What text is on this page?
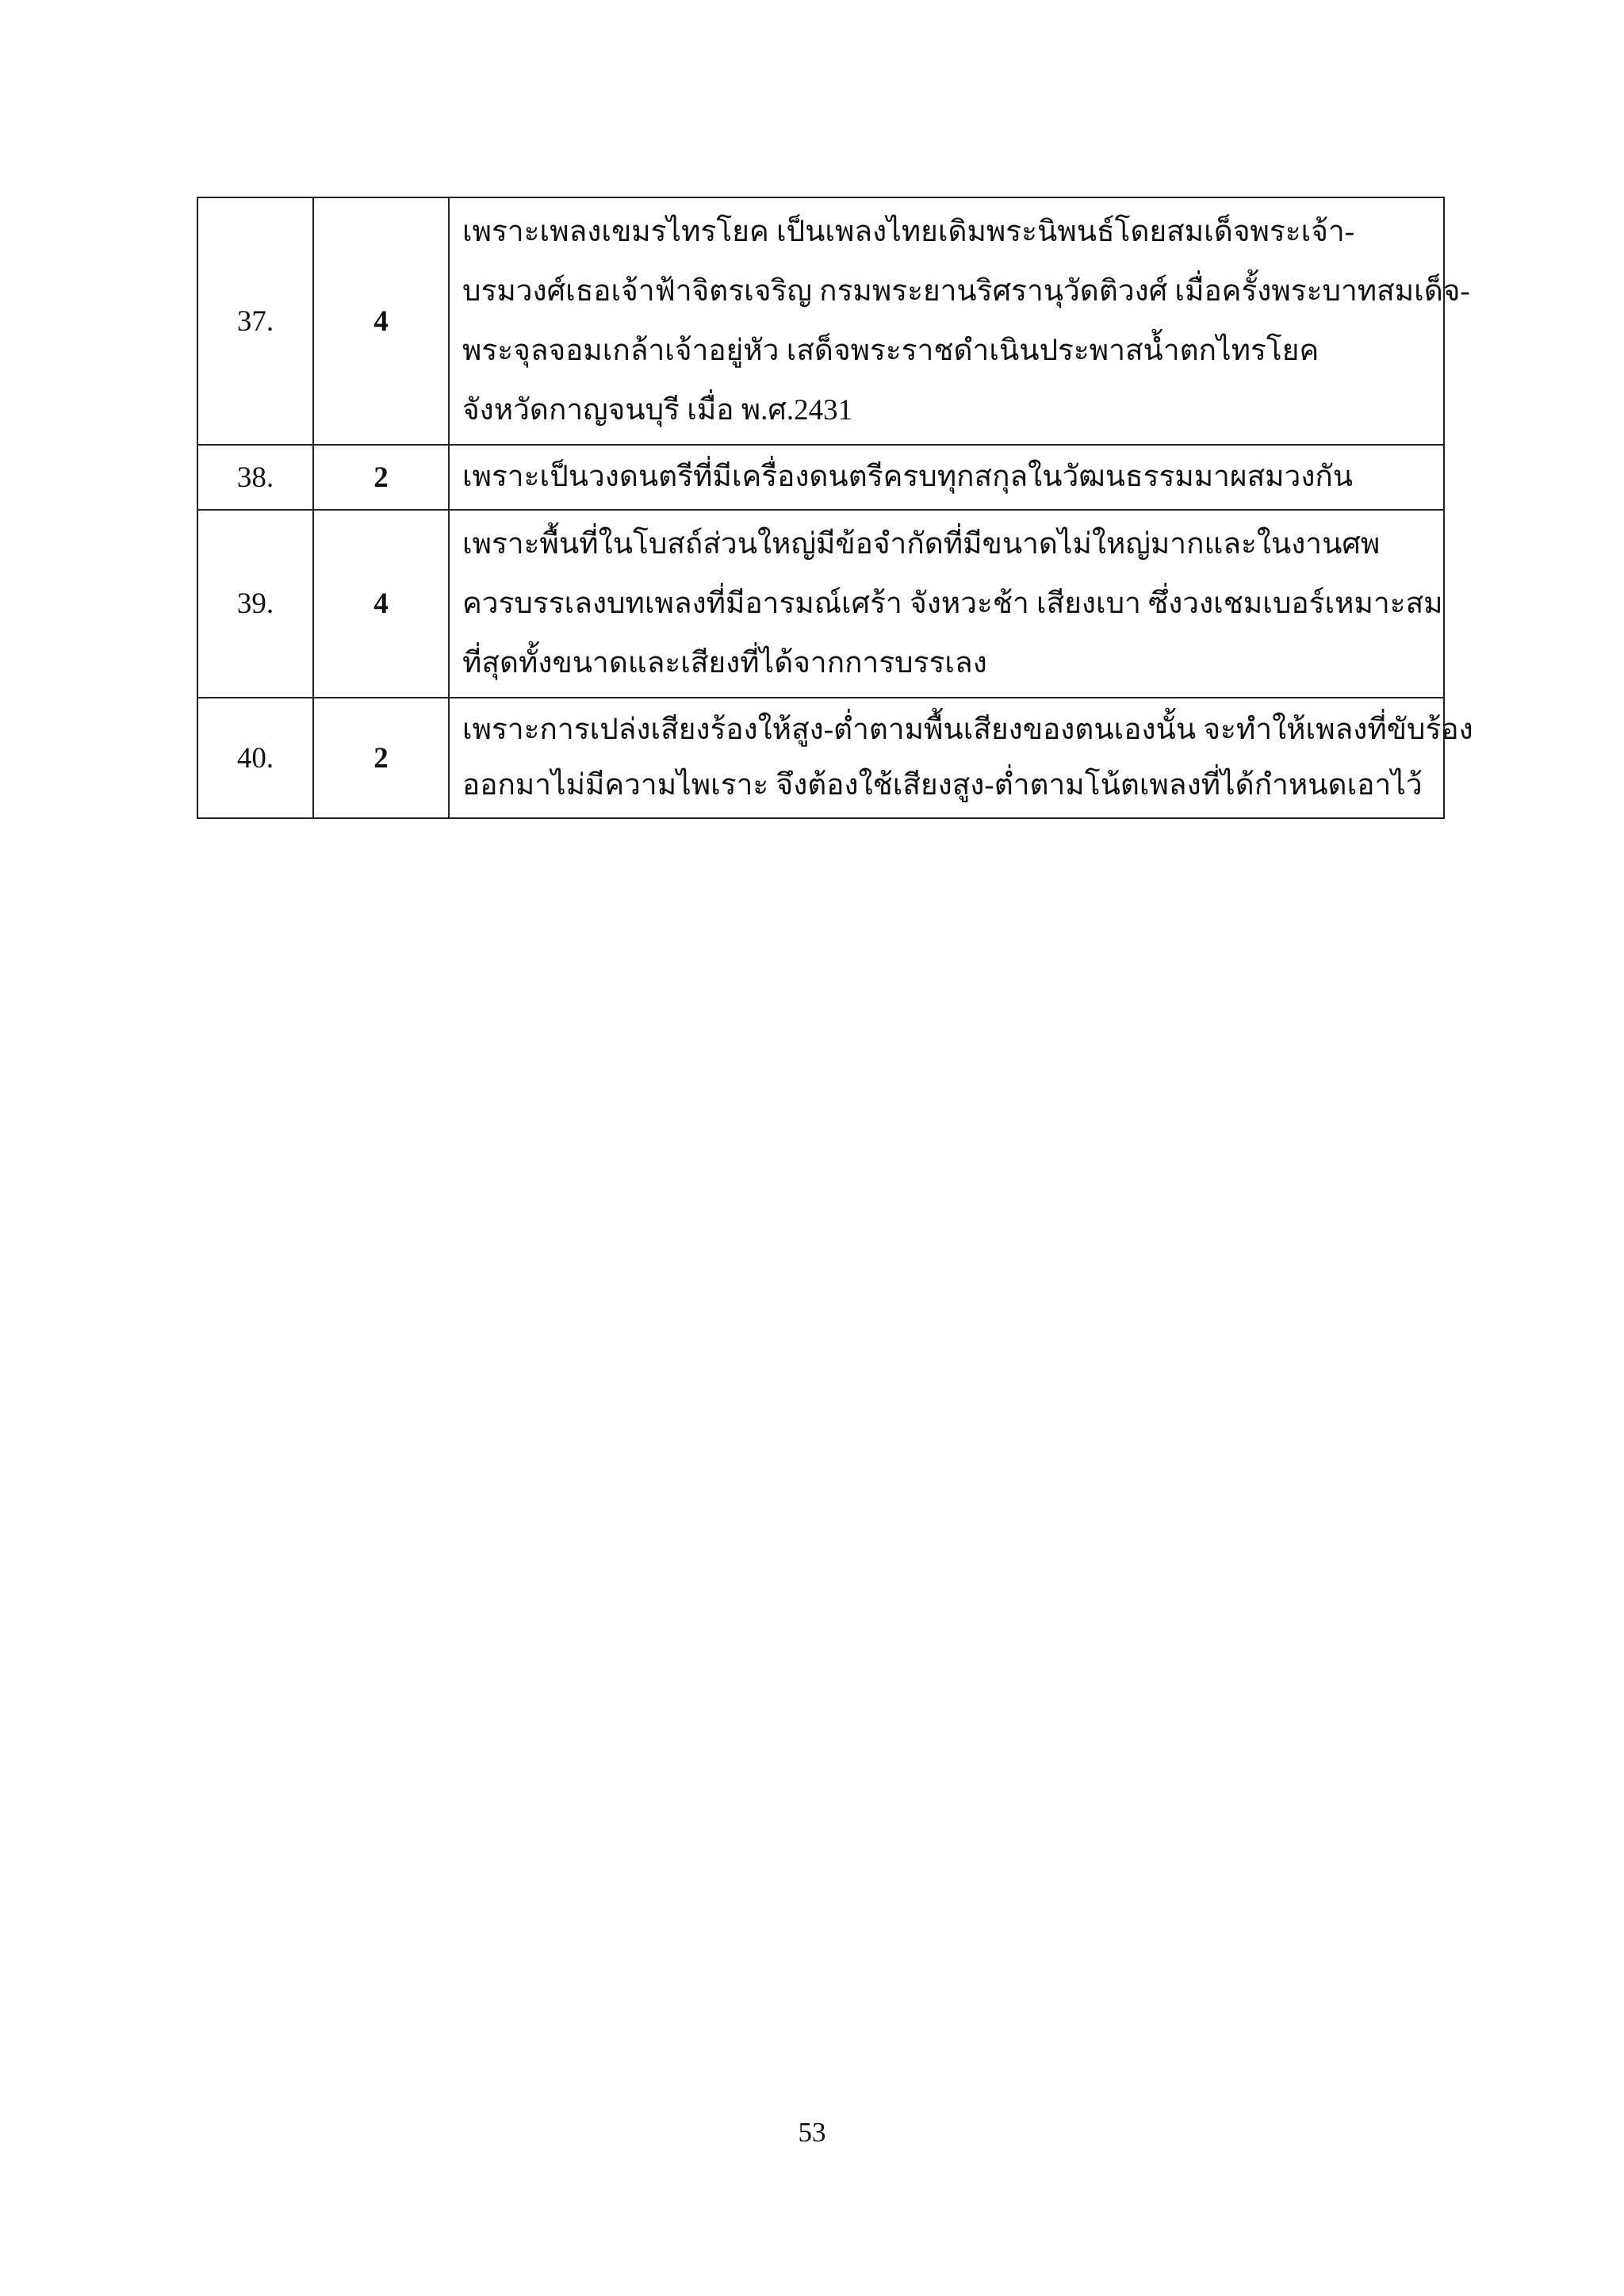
37.	4	เพราะเพลงเขมรไทรโยค เป็นเพลงไทยเดิมพระนิพนธ์โดยสมเด็จพระเจ้า-
บรมวงศ์เธอเจ้าฟ้าจิตรเจริญ กรมพระยานริศรานุวัดติวงศ์ เมื่อครั้งพระบาทสมเด็จ-
พระจุลจอมเกล้าเจ้าอยู่หัว เสด็จพระราชดำเนินประพาสน้ำตกไทรโยค
จังหวัดกาญจนบุรี เมื่อ พ.ศ.2431

38.	2	เพราะเป็นวงดนตรีที่มีเครื่องดนตรีครบทุกสกุลในวัฒนธรรมมาผสมวงกัน

39.	4	เพราะพื้นที่ในโบสถ์ส่วนใหญ่มีข้อจำกัดที่มีขนาดไม่ใหญ่มากและในงานศพ
ควรบรรเลงบทเพลงที่มีอารมณ์เศร้า จังหวะช้า เสียงเบา ซึ่งวงเชมเบอร์เหมาะสม
ที่สุดทั้งขนาดและเสียงที่ได้จากการบรรเลง

40.	2	เพราะการเปล่งเสียงร้องให้สูง-ต่ำตามพื้นเสียงของตนเองนั้น จะทำให้เพลงที่ขับร้อง
ออกมาไม่มีความไพเราะ จึงต้องใช้เสียงสูง-ต่ำตามโน้ตเพลงที่ได้กำหนดเอาไว้
53
